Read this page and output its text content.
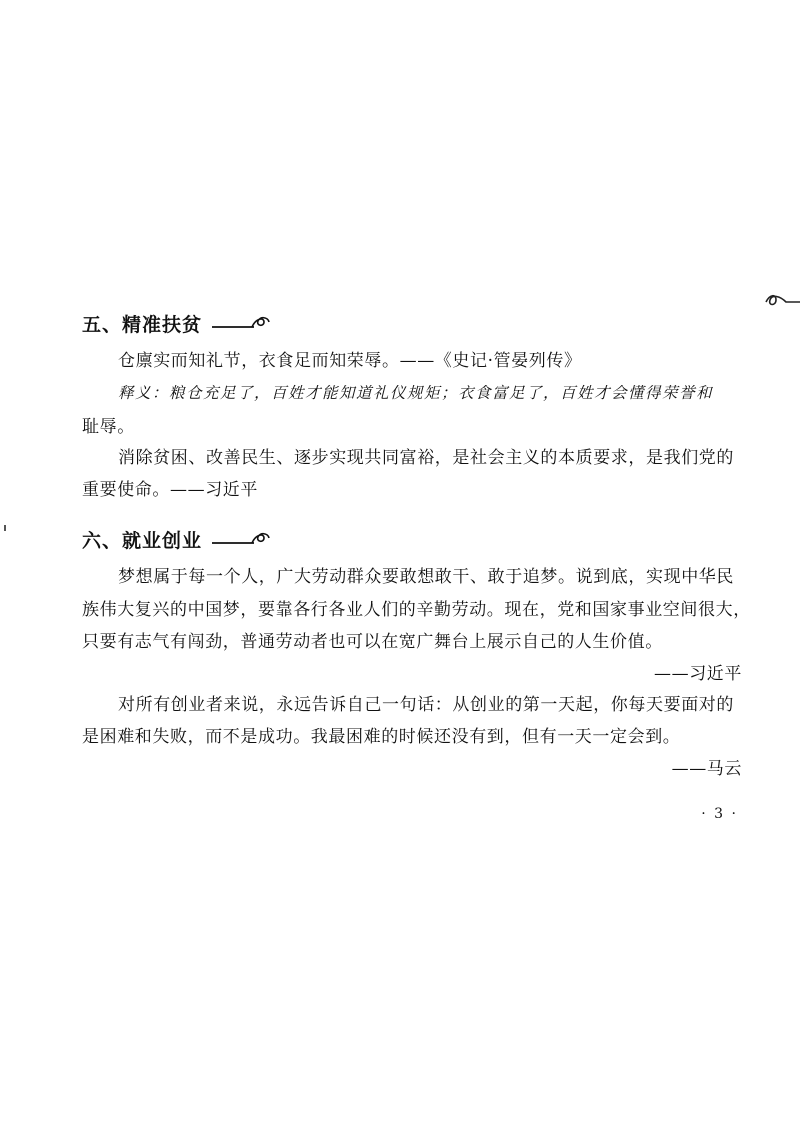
五、精准扶贫
仓廪实而知礼节，衣食足而知荣辱。——《史记·管晏列传》
释义：粮仓充足了，百姓才能知道礼仪规矩；衣食富足了，百姓才会懂得荣誉和
耻辱。
消除贫困、改善民生、逐步实现共同富裕，是社会主义的本质要求，是我们党的
重要使命。——习近平
六、就业创业
梦想属于每一个人，广大劳动群众要敢想敢干、敢于追梦。说到底，实现中华民
族伟大复兴的中国梦，要靠各行各业人们的辛勤劳动。现在，党和国家事业空间很大，
只要有志气有闯劲，普通劳动者也可以在宽广舞台上展示自己的人生价值。
——习近平
对所有创业者来说，永远告诉自己一句话：从创业的第一天起，你每天要面对的
是困难和失败，而不是成功。我最困难的时候还没有到，但有一天一定会到。
——马云
· 3 ·
